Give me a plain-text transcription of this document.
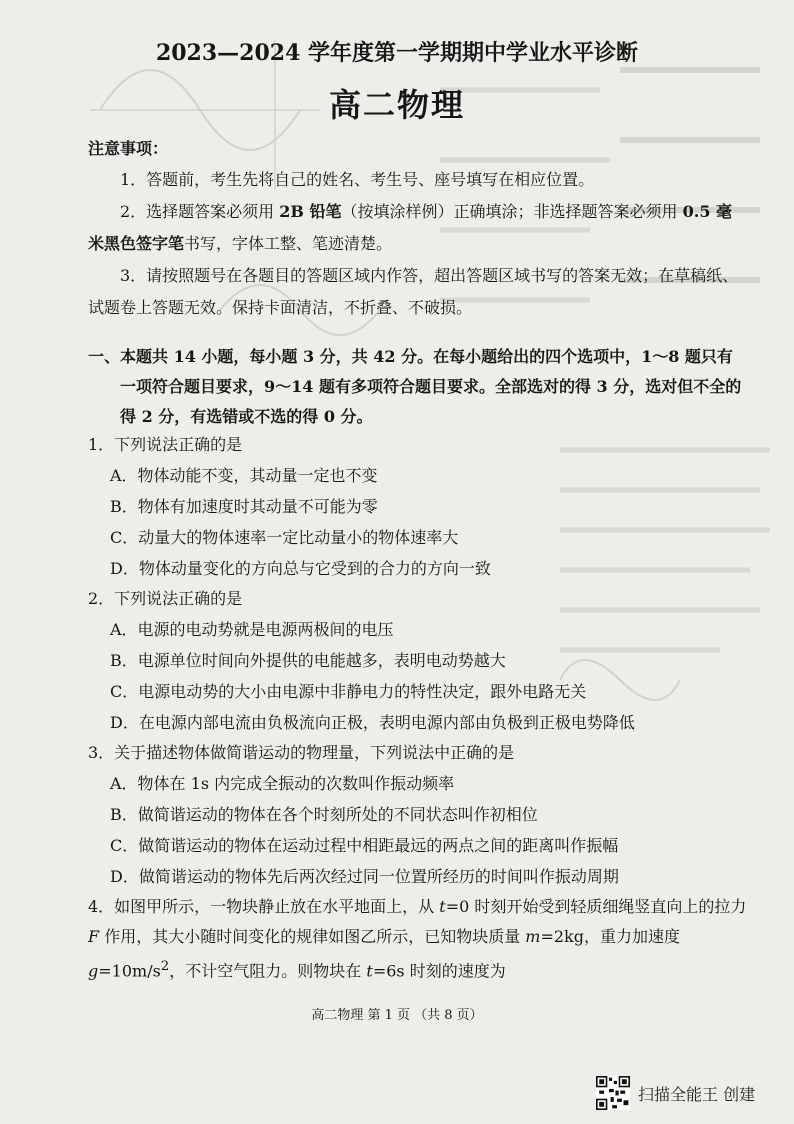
2023—2024 学年度第一学期期中学业水平诊断
高二物理
注意事项：
1．答题前，考生先将自己的姓名、考生号、座号填写在相应位置。
2．选择题答案必须用 2B 铅笔（按填涂样例）正确填涂；非选择题答案必须用 0.5 毫米黑色签字笔书写，字体工整、笔迹清楚。
3．请按照题号在各题目的答题区域内作答，超出答题区域书写的答案无效；在草稿纸、试题卷上答题无效。保持卡面清洁，不折叠、不破损。
一、本题共 14 小题，每小题 3 分，共 42 分。在每小题给出的四个选项中，1～8 题只有一项符合题目要求，9～14 题有多项符合题目要求。全部选对的得 3 分，选对但不全的得 2 分，有选错或不选的得 0 分。
1．下列说法正确的是
A．物体动能不变，其动量一定也不变
B．物体有加速度时其动量不可能为零
C．动量大的物体速率一定比动量小的物体速率大
D．物体动量变化的方向总与它受到的合力的方向一致
2．下列说法正确的是
A．电源的电动势就是电源两极间的电压
B．电源单位时间向外提供的电能越多，表明电动势越大
C．电源电动势的大小由电源中非静电力的特性决定，跟外电路无关
D．在电源内部电流由负极流向正极，表明电源内部由负极到正极电势降低
3．关于描述物体做简谐运动的物理量，下列说法中正确的是
A．物体在 1s 内完成全振动的次数叫作振动频率
B．做简谐运动的物体在各个时刻所处的不同状态叫作初相位
C．做简谐运动的物体在运动过程中相距最远的两点之间的距离叫作振幅
D．做简谐运动的物体先后两次经过同一位置所经历的时间叫作振动周期
4．如图甲所示，一物块静止放在水平地面上，从 t=0 时刻开始受到轻质细绳竖直向上的拉力 F 作用，其大小随时间变化的规律如图乙所示，已知物块质量 m=2kg，重力加速度 $g=10m/s^2$，不计空气阻力。则物块在 t=6s 时刻的速度为
高二物理 第 1 页 （共 8 页）
扫描全能王 创建
